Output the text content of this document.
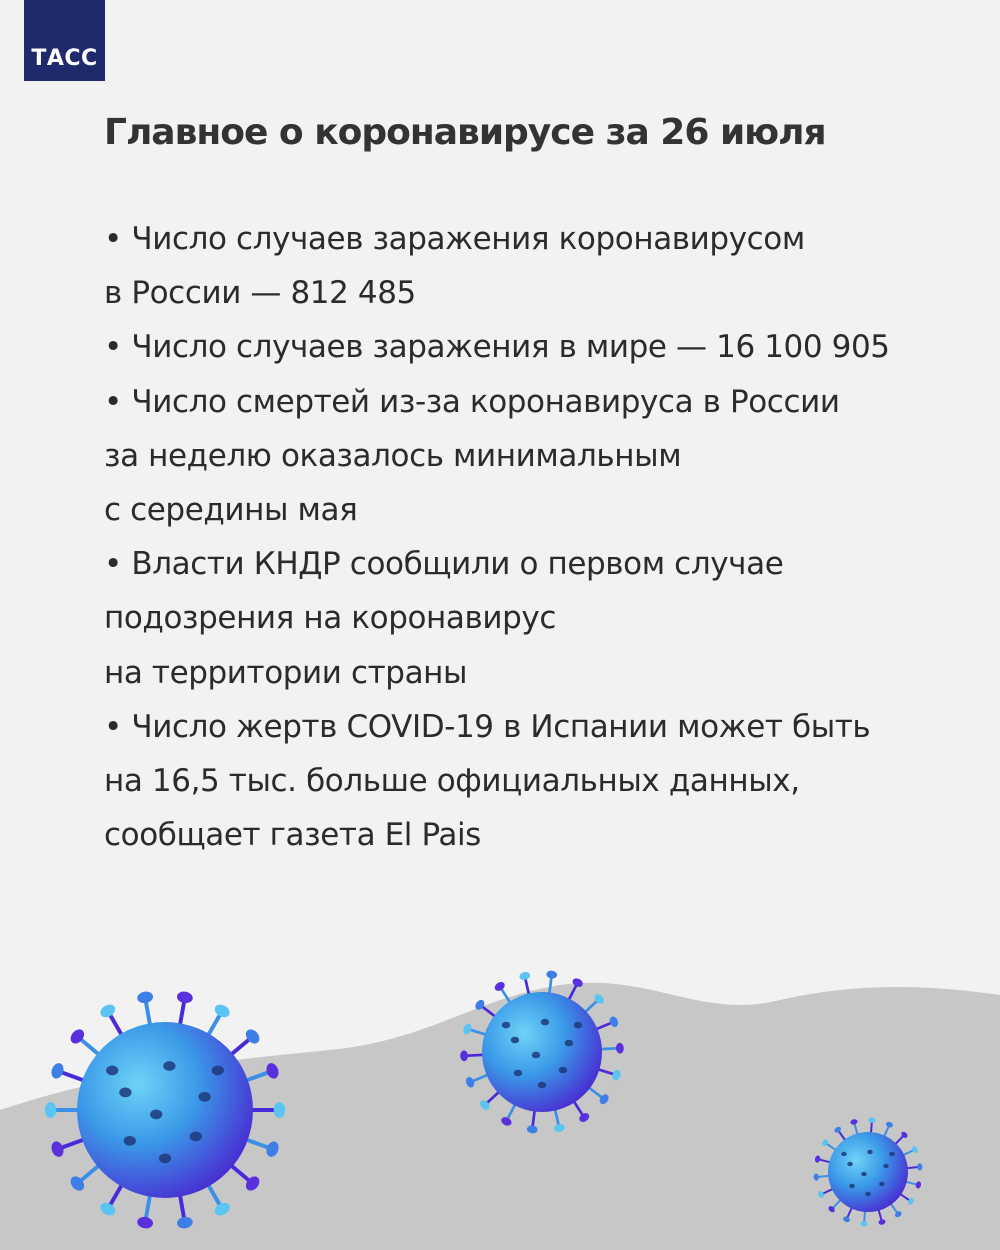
ТАСС
Главное о коронавирусе за 26 июля
• Число случаев заражения коронавирусом
в России — 812 485
• Число случаев заражения в мире — 16 100 905
• Число смертей из-за коронавируса в России
за неделю оказалось минимальным
с середины мая
• Власти КНДР сообщили о первом случае
подозрения на коронавирус
на территории страны
• Число жертв COVID-19 в Испании может быть
на 16,5 тыс. больше официальных данных,
сообщает газета El Pais
